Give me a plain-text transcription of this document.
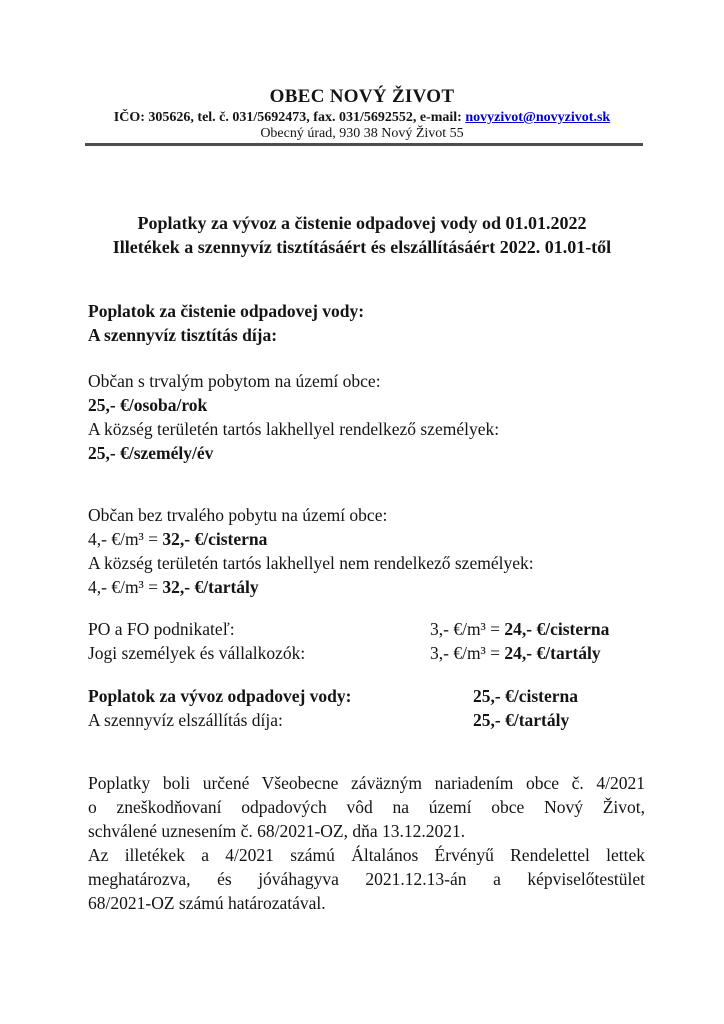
OBEC NOVÝ ŽIVOT
IČO: 305626, tel. č. 031/5692473, fax. 031/5692552, e-mail: novyzivot@novyzivot.sk
Obecný úrad, 930 38 Nový Život 55
Poplatky za vývoz a čistenie odpadovej vody od 01.01.2022
Illetékek a szennyvíz tisztításáért és elszállításáért 2022. 01.01-től
Poplatok za čistenie odpadovej vody:
A szennyvíz tisztítás díja:
Občan s trvalým pobytom na území obce:
25,- €/osoba/rok
A község területén tartós lakhellyel rendelkező személyek:
25,- €/személy/év
Občan bez trvalého pobytu na území obce:
4,- €/m³ = 32,- €/cisterna
A község területén tartós lakhellyel nem rendelkező személyek:
4,- €/m³ = 32,- €/tartály
PO a FO podnikateľ:	3,- €/m³ = 24,- €/cisterna
Jogi személyek és vállalkozók:	3,- €/m³ = 24,- €/tartály
Poplatok za vývoz odpadovej vody:	25,- €/cisterna
A szennyvíz elszállítás díja:	25,- €/tartály
Poplatky boli určené Všeobecne záväzným nariadením obce č. 4/2021
o zneškodňovaní odpadových vôd na území obce Nový Život,
schválené uznesením č. 68/2021-OZ, dňa 13.12.2021.
Az illetékek a 4/2021 számú Általános Érvényű Rendelettel lettek
meghatározva, és jóváhagyva 2021.12.13-án a képviselőtestület
68/2021-OZ számú határozatával.
